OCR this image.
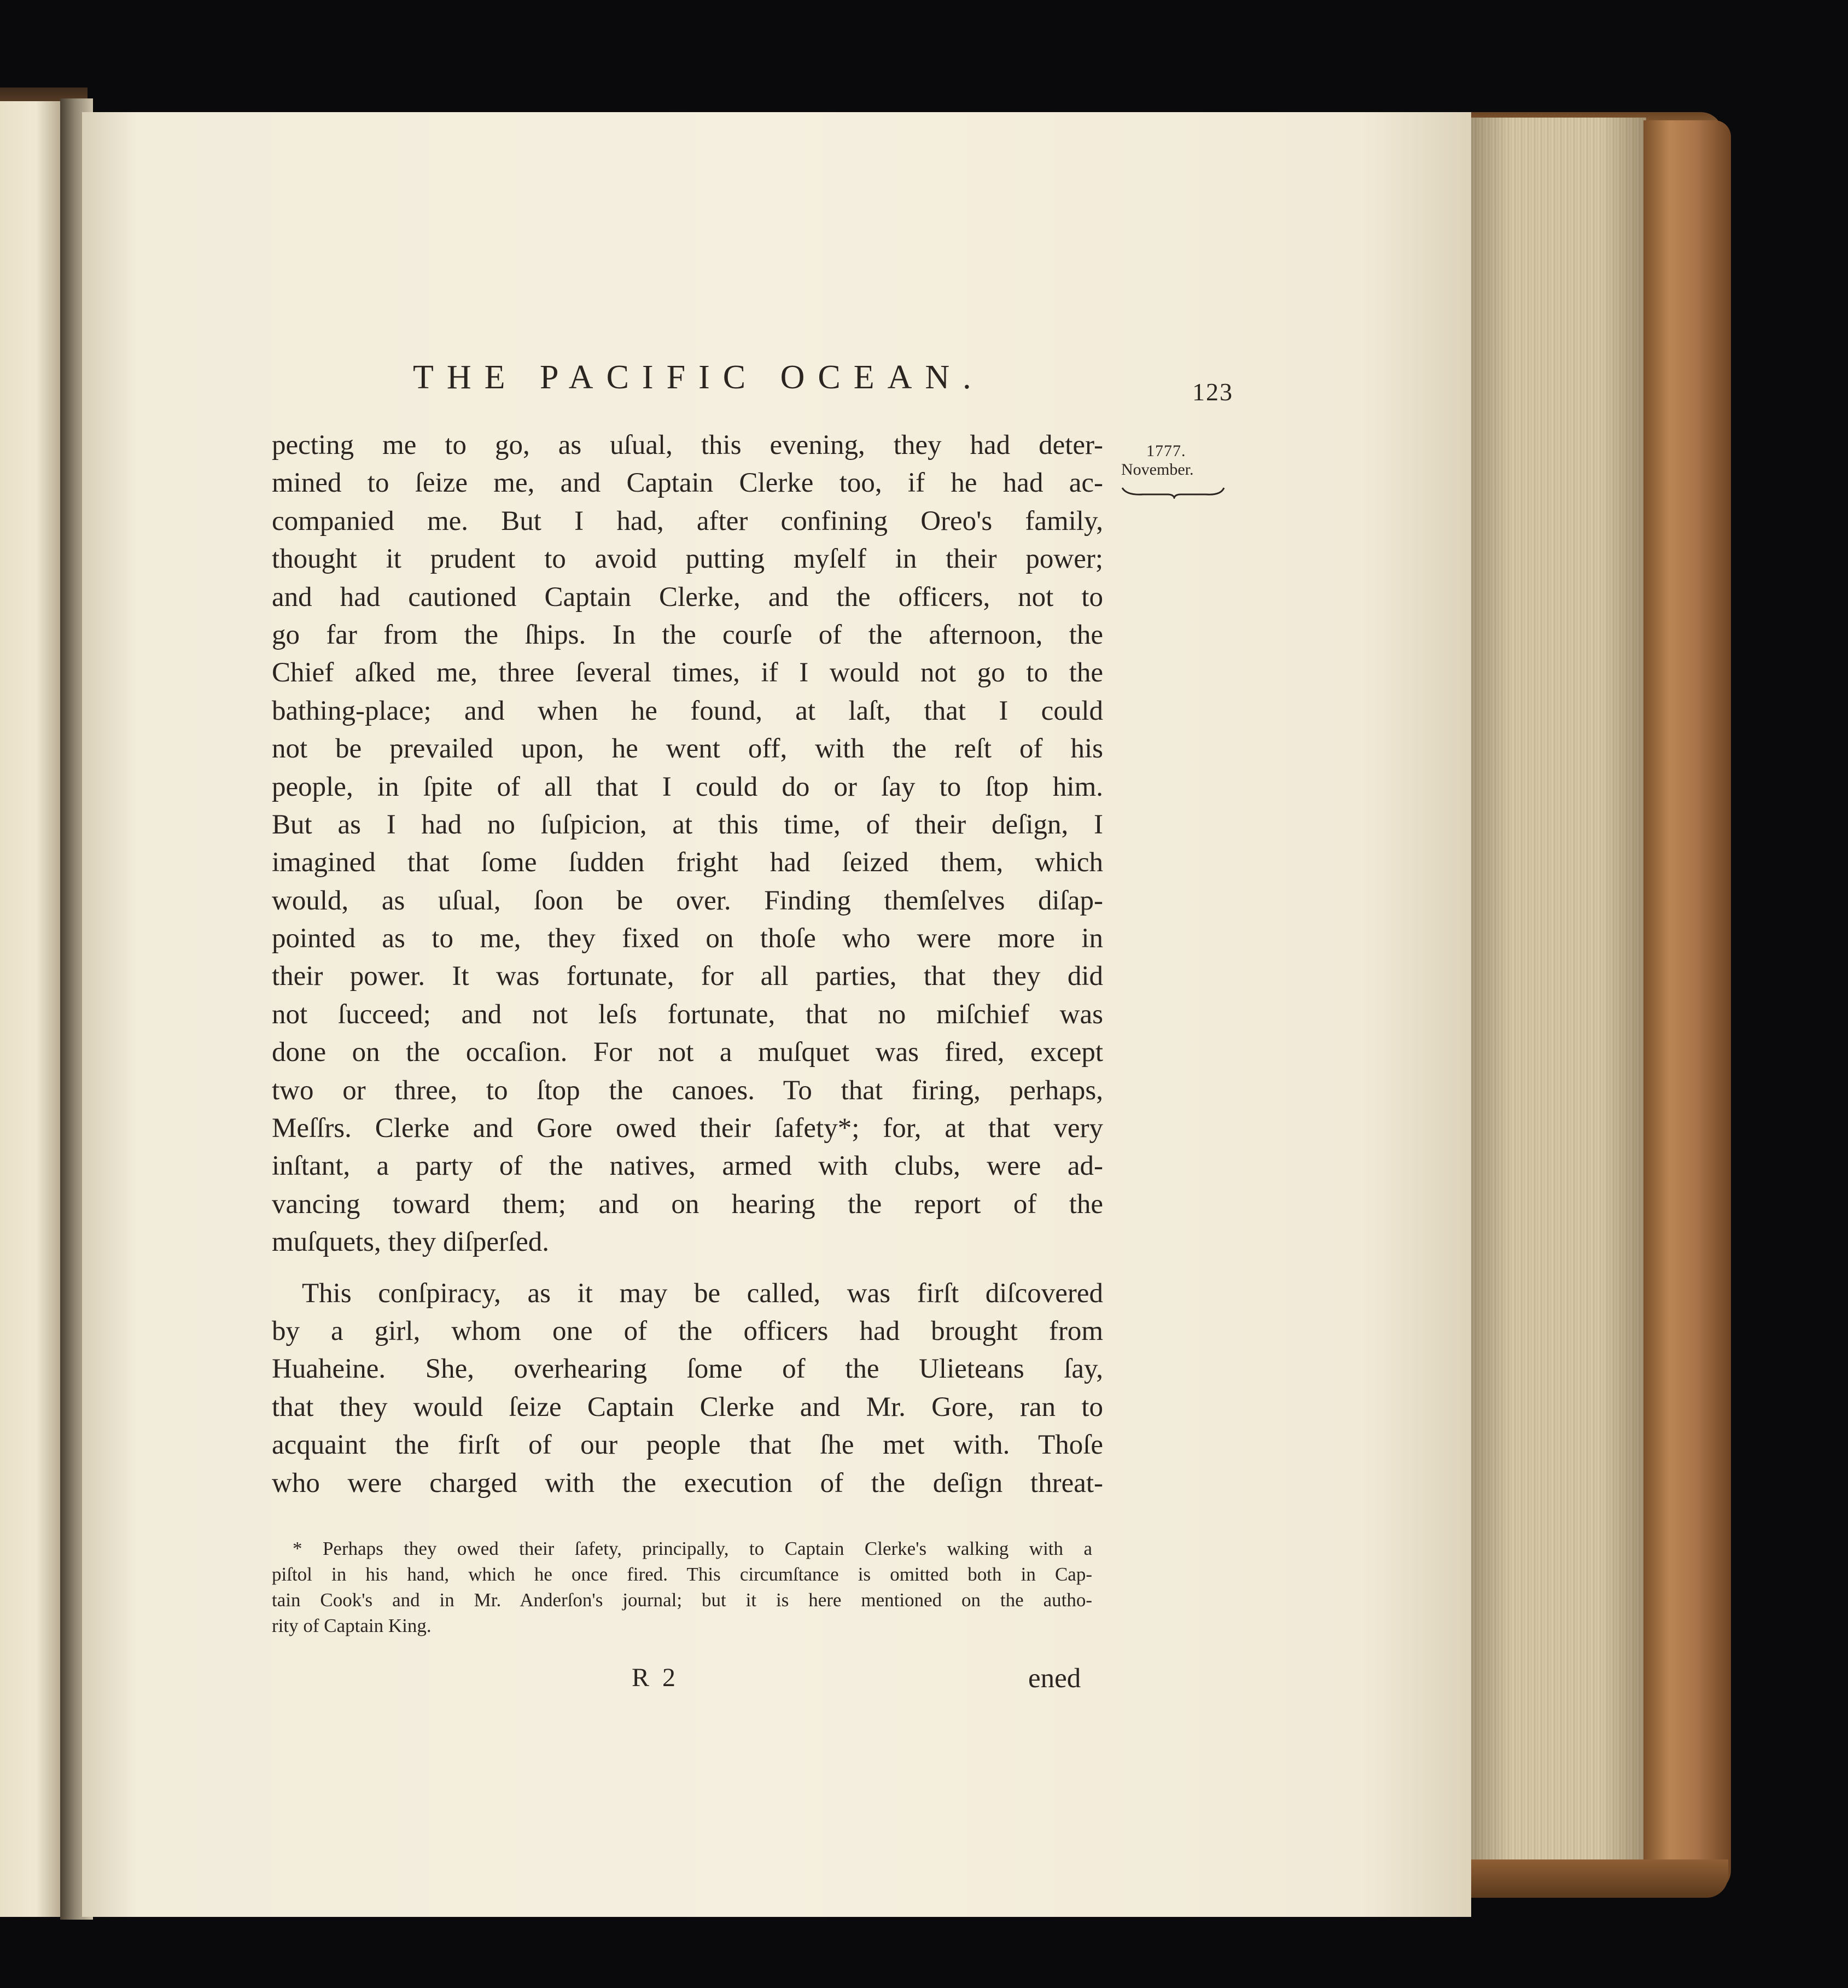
THE PACIFIC OCEAN.	123

1777.

November.

pecting me to go, as uſual, this evening, they had deter-
mined to ſeize me, and Captain Clerke too, if he had ac-
companied me. But I had, after confining Oreo's family,
thought it prudent to avoid putting myſelf in their power;
and had cautioned Captain Clerke, and the officers, not to
go far from the ſhips. In the courſe of the afternoon, the
Chief aſked me, three ſeveral times, if I would not go to the
bathing-place; and when he found, at laſt, that I could
not be prevailed upon, he went off, with the reſt of his
people, in ſpite of all that I could do or ſay to ſtop him.
But as I had no ſuſpicion, at this time, of their deſign, I
imagined that ſome ſudden fright had ſeized them, which
would, as uſual, ſoon be over. Finding themſelves diſap-
pointed as to me, they fixed on thoſe who were more in
their power. It was fortunate, for all parties, that they did
not ſucceed; and not leſs fortunate, that no miſchief was
done on the occaſion. For not a muſquet was fired, except
two or three, to ſtop the canoes. To that firing, perhaps,
Meſſrs. Clerke and Gore owed their ſafety*; for, at that very
inſtant, a party of the natives, armed with clubs, were ad-
vancing toward them; and on hearing the report of the
muſquets, they diſperſed.
This conſpiracy, as it may be called, was firſt diſcovered
by a girl, whom one of the officers had brought from
Huaheine. She, overhearing ſome of the Ulieteans ſay,
that they would ſeize Captain Clerke and Mr. Gore, ran to
acquaint the firſt of our people that ſhe met with. Thoſe
who were charged with the execution of the deſign threat-
* Perhaps they owed their ſafety, principally, to Captain Clerke's walking with a
piſtol in his hand, which he once fired. This circumſtance is omitted both in Cap-
tain Cook's and in Mr. Anderſon's journal; but it is here mentioned on the autho-
rity of Captain King.

R 2	ened
